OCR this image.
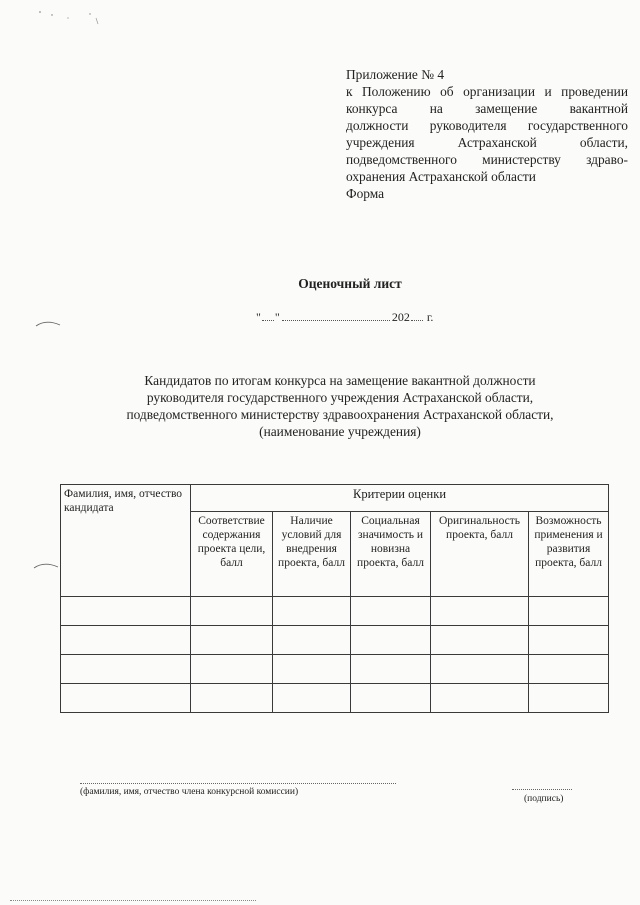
Приложение № 4
к Положению об организации и проведении
конкурса на замещение вакантной
должности руководителя государственного
учреждения Астраханской области,
подведомственного министерству здраво-
охранения Астраханской области
Форма
Оценочный лист
" "	202 г.
Кандидатов по итогам конкурса на замещение вакантной должности
руководителя государственного учреждения Астраханской области,
подведомственного министерству здравоохранения Астраханской области,
(наименование учреждения)
Фамилия, имя, отчество кандидата	Критерии оценки				
	Соответствие содержания проекта цели, балл	Наличие условий для внедрения проекта, балл	Социальная значимость и новизна проекта, балл	Оригинальность проекта, балл	Возможность применения и развития проекта, балл

(фамилия, имя, отчество члена конкурсной комиссии)
(подпись)
